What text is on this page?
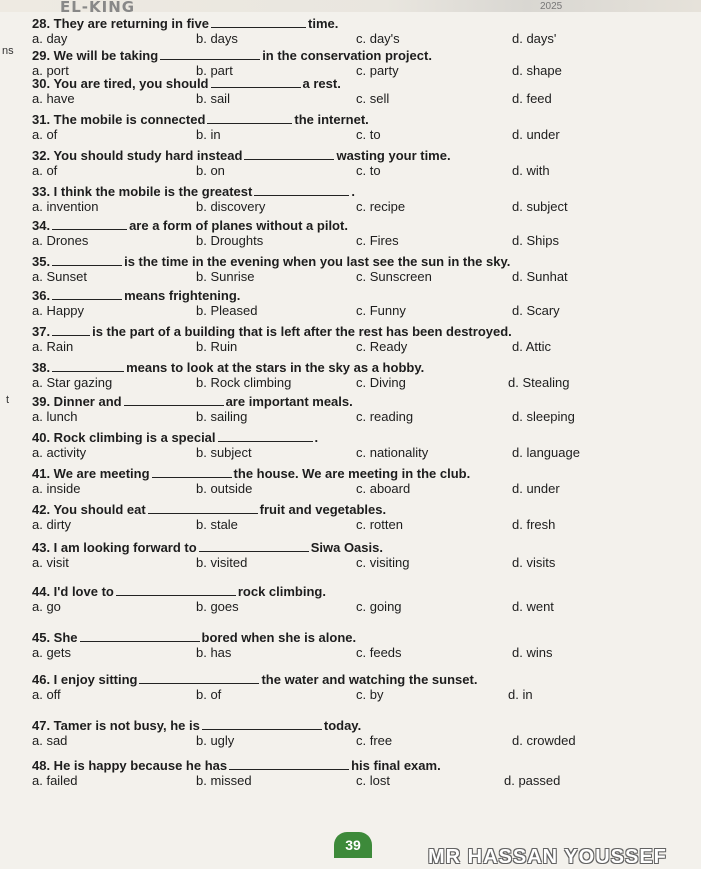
EL-KING	2025
ns
t
28. They are returning in five	time.
a. day	b. days	c. day's	d. days'
29. We will be taking	in the conservation project.
a. port	b. part	c. party	d. shape
30. You are tired, you should	a rest.
a. have	b. sail	c. sell	d. feed
31. The mobile is connected	the internet.
a. of	b. in	c. to	d. under
32. You should study hard instead	wasting your time.
a. of	b. on	c. to	d. with
33. I think the mobile is the greatest	.
a. invention	b. discovery	c. recipe	d. subject
34.	are a form of planes without a pilot.
a. Drones	b. Droughts	c. Fires	d. Ships
35.	is the time in the evening when you last see the sun in the sky.
a. Sunset	b. Sunrise	c. Sunscreen	d. Sunhat
36.	means frightening.
a. Happy	b. Pleased	c. Funny	d. Scary
37.	is the part of a building that is left after the rest has been destroyed.
a. Rain	b. Ruin	c. Ready	d. Attic
38.	means to look at the stars in the sky as a hobby.
a. Star gazing	b. Rock climbing	c. Diving	d. Stealing
39. Dinner and	are important meals.
a. lunch	b. sailing	c. reading	d. sleeping
40. Rock climbing is a special	.
a. activity	b. subject	c. nationality	d. language
41. We are meeting	the house. We are meeting in the club.
a. inside	b. outside	c. aboard	d. under
42. You should eat	fruit and vegetables.
a. dirty	b. stale	c. rotten	d. fresh
43. I am looking forward to	Siwa Oasis.
a. visit	b. visited	c. visiting	d. visits
44. I'd love to	rock climbing.
a. go	b. goes	c. going	d. went
45. She	bored when she is alone.
a. gets	b. has	c. feeds	d. wins
46. I enjoy sitting	the water and watching the sunset.
a. off	b. of	c. by	d. in
47. Tamer is not busy, he is	today.
a. sad	b. ugly	c. free	d. crowded
48. He is happy because he has	his final exam.
a. failed	b. missed	c. lost	d. passed
39
MR HASSAN YOUSSEF
